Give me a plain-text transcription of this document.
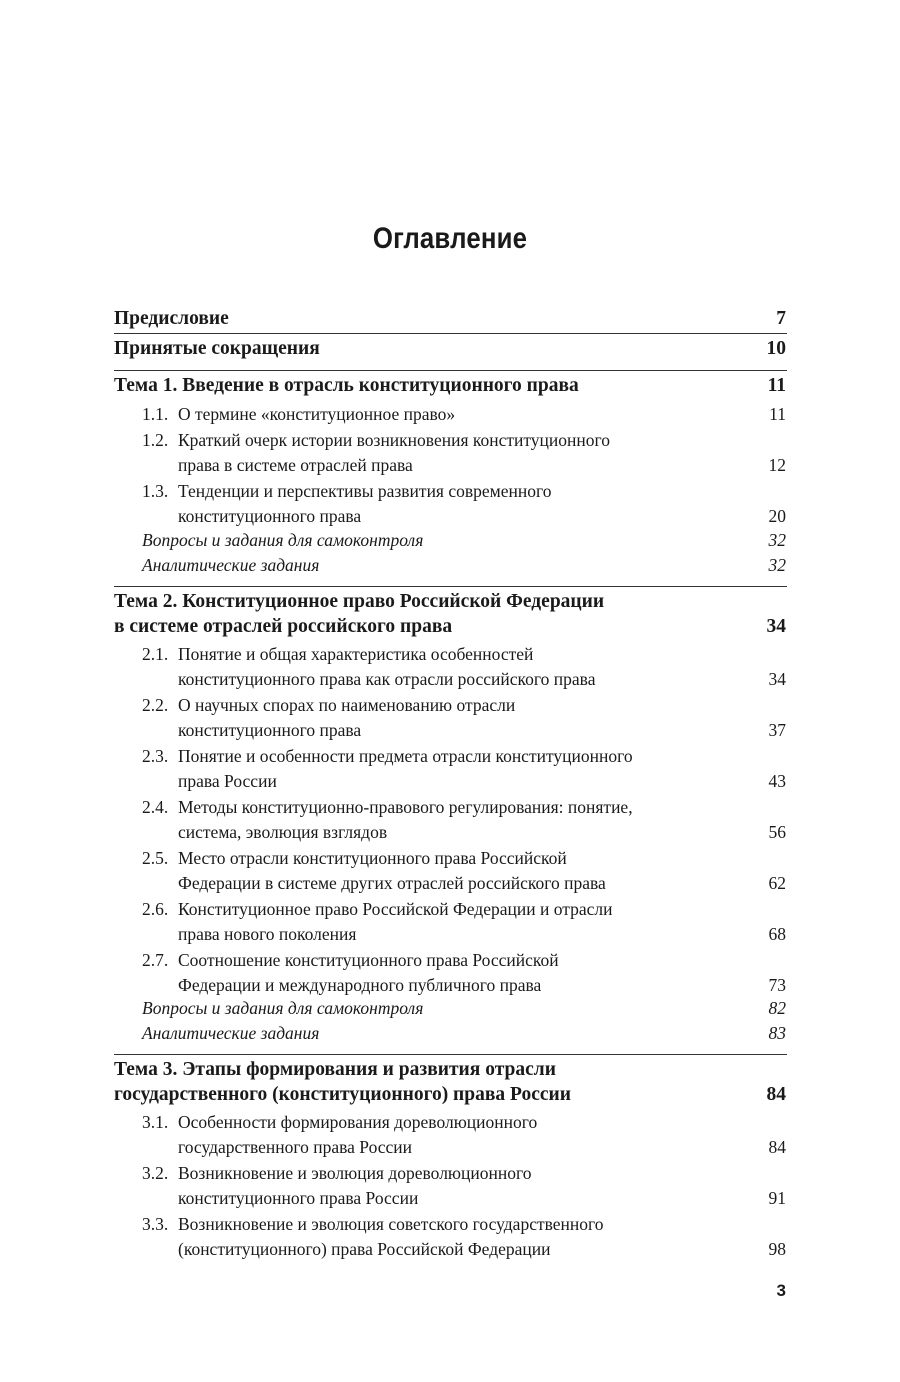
Оглавление
Предисловие	7
Принятые сокращения	10
Тема 1. Введение в отрасль конституционного права	11
1.1. О термине «конституционное право»	11
1.2. Краткий очерк истории возникновения конституционного
права в системе отраслей права	12
1.3. Тенденции и перспективы развития современного
конституционного права	20
Вопросы и задания для самоконтроля	32
Аналитические задания	32
Тема 2. Конституционное право Российской Федерации
в системе отраслей российского права	34
2.1. Понятие и общая характеристика особенностей
конституционного права как отрасли российского права	34
2.2. О научных спорах по наименованию отрасли
конституционного права	37
2.3. Понятие и особенности предмета отрасли конституционного
права России	43
2.4. Методы конституционно-правового регулирования: понятие,
система, эволюция взглядов	56
2.5. Место отрасли конституционного права Российской
Федерации в системе других отраслей российского права	62
2.6. Конституционное право Российской Федерации и отрасли
права нового поколения	68
2.7. Соотношение конституционного права Российской
Федерации и международного публичного права	73
Вопросы и задания для самоконтроля	82
Аналитические задания	83
Тема 3. Этапы формирования и развития отрасли
государственного (конституционного) права России	84
3.1. Особенности формирования дореволюционного
государственного права России	84
3.2. Возникновение и эволюция дореволюционного
конституционного права России	91
3.3. Возникновение и эволюция советского государственного
(конституционного) права Российской Федерации	98
3
